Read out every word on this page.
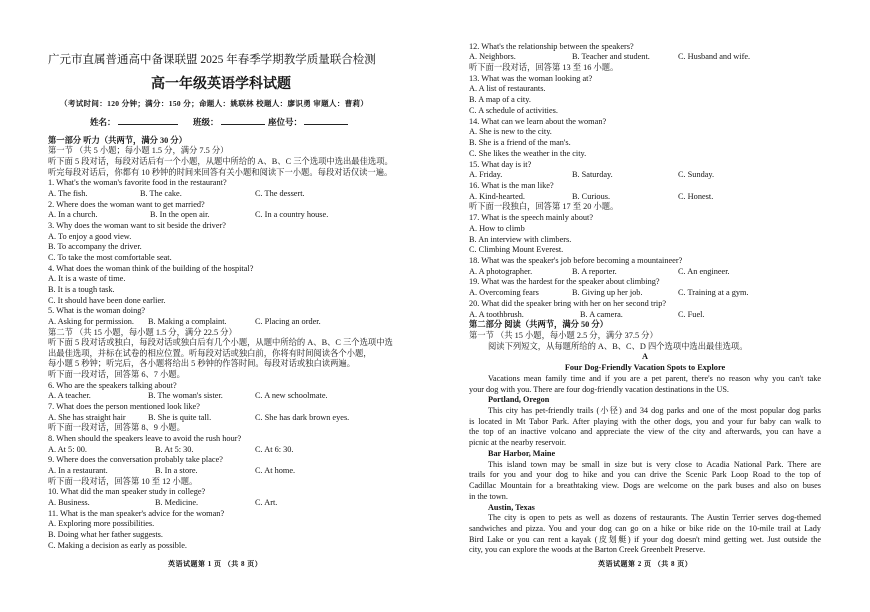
广元市直属普通高中备课联盟 2025 年春季学期教学质量联合检测
高一年级英语学科试题
（考试时间：120 分钟；满分：150 分；命题人：姚联林 校题人：廖识勇 审题人：曹莉）
姓名：	班级：	座位号：
第一部分 听力（共两节，满分 30 分）
第一节 （共 5 小题；每小题 1.5 分，满分 7.5 分）
听下面 5 段对话，每段对话后有一个小题，从题中所给的 A、B、C 三个选项中选出最佳选项。
听完每段对话后，你都有 10 秒钟的时间来回答有关小题和阅读下一小题。每段对话仅读一遍。
1. What's the woman's favorite food in the restaurant?
A. The fish.	B. The cake.	C. The dessert.
2. Where does the woman want to get married?
A. In a church.	B. In the open air.	C. In a country house.
3. Why does the woman want to sit beside the driver?
A. To enjoy a good view.
B. To accompany the driver.
C. To take the most comfortable seat.
4. What does the woman think of the building of the hospital?
A. It is a waste of time.
B. It is a tough task.
C. It should have been done earlier.
5. What is the woman doing?
A. Asking for permission. B. Making a complaint.	C. Placing an order.
第二节 （共 15 小题，每小题 1.5 分，满分 22.5 分）
听下面 5 段对话或独白，每段对话或独白后有几个小题，从题中所给的 A、B、C 三个选项中选
出最佳选项，并标在试卷的相应位置。听每段对话或独白前，你将有时间阅读各个小题，
每小题 5 秒钟；听完后，各小题将给出 5 秒钟的作答时间。每段对话或独白读两遍。
听下面一段对话，回答第 6、7 小题。
6. Who are the speakers talking about?
A. A teacher.	B. The woman's sister.	C. A new schoolmate.
7. What does the person mentioned look like?
A. She has straight hair	B. She is quite tall.	C. She has dark brown eyes.
听下面一段对话，回答第 8、9 小题。
8. When should the speakers leave to avoid the rush hour?
A. At 5: 00.	B. At 5: 30.	C. At 6: 30.
9. Where does the conversation probably take place?
A. In a restaurant.	B. In a store.	C. At home.
听下面一段对话，回答第 10 至 12 小题。
10. What did the man speaker study in college?
A. Business.	B. Medicine.	C. Art.
11. What is the man speaker's advice for the woman?
A. Exploring more possibilities.
B. Doing what her father suggests.
C. Making a decision as early as possible.
英语试题第 1 页 （共 8 页）
12. What's the relationship between the speakers?
A. Neighbors.	B. Teacher and student.	C. Husband and wife.
听下面一段对话，回答第 13 至 16 小题。
13. What was the woman looking at?
A. A list of restaurants.
B. A map of a city.
C. A schedule of activities.
14. What can we learn about the woman?
A. She is new to the city.
B. She is a friend of the man's.
C. She likes the weather in the city.
15. What day is it?
A. Friday.	B. Saturday.	C. Sunday.
16. What is the man like?
A. Kind-hearted.	B. Curious.	C. Honest.
听下面一段独白，回答第 17 至 20 小题。
17. What is the speech mainly about?
A. How to climb
B. An interview with climbers.
C. Climbing Mount Everest.
18. What was the speaker's job before becoming a mountaineer?
A. A photographer.	B. A reporter.	C. An engineer.
19. What was the hardest for the speaker about climbing?
A. Overcoming fears	B. Giving up her job.	C. Training at a gym.
20. What did the speaker bring with her on her second trip?
A. A toothbrush.	B. A camera.	C. Fuel.
第二部分 阅读（共两节，满分 50 分）
第一节 （共 15 小题，每小题 2.5 分，满分 37.5 分）
阅读下列短文，从每题所给的 A、B、C、D 四个选项中选出最佳选项。
A
Four Dog-Friendly Vacation Spots to Explore
Vacations mean family time and if you are a pet parent, there's no reason why you can't take
your dog with you. There are four dog-friendly vacation destinations in the US.
Portland, Oregon
This city has pet-friendly trails (小径) and 34 dog parks and one of the most popular dog parks
is located in Mt Tabor Park. After playing with the other dogs, you and your fur baby can walk to
the top of an inactive volcano and appreciate the view of the city and afterwards, you can have a
picnic at the nearby reservoir.
Bar Harbor, Maine
This island town may be small in size but is very close to Acadia National Park. There are
trails for you and your dog to hike and you can drive the Scenic Park Loop Road to the top of
Cadillac Mountain for a breathtaking view. Dogs are welcome on the park buses and also on buses
in the town.
Austin, Texas
The city is open to pets as well as dozens of restaurants. The Austin Terrier serves dog-themed
sandwiches and pizza. You and your dog can go on a hike or bike ride on the 10-mile trail at Lady
Bird Lake or you can rent a kayak (皮划艇) if your dog doesn't mind getting wet. Just outside the
city, you can explore the woods at the Barton Creek Greenbelt Preserve.
英语试题第 2 页 （共 8 页）
